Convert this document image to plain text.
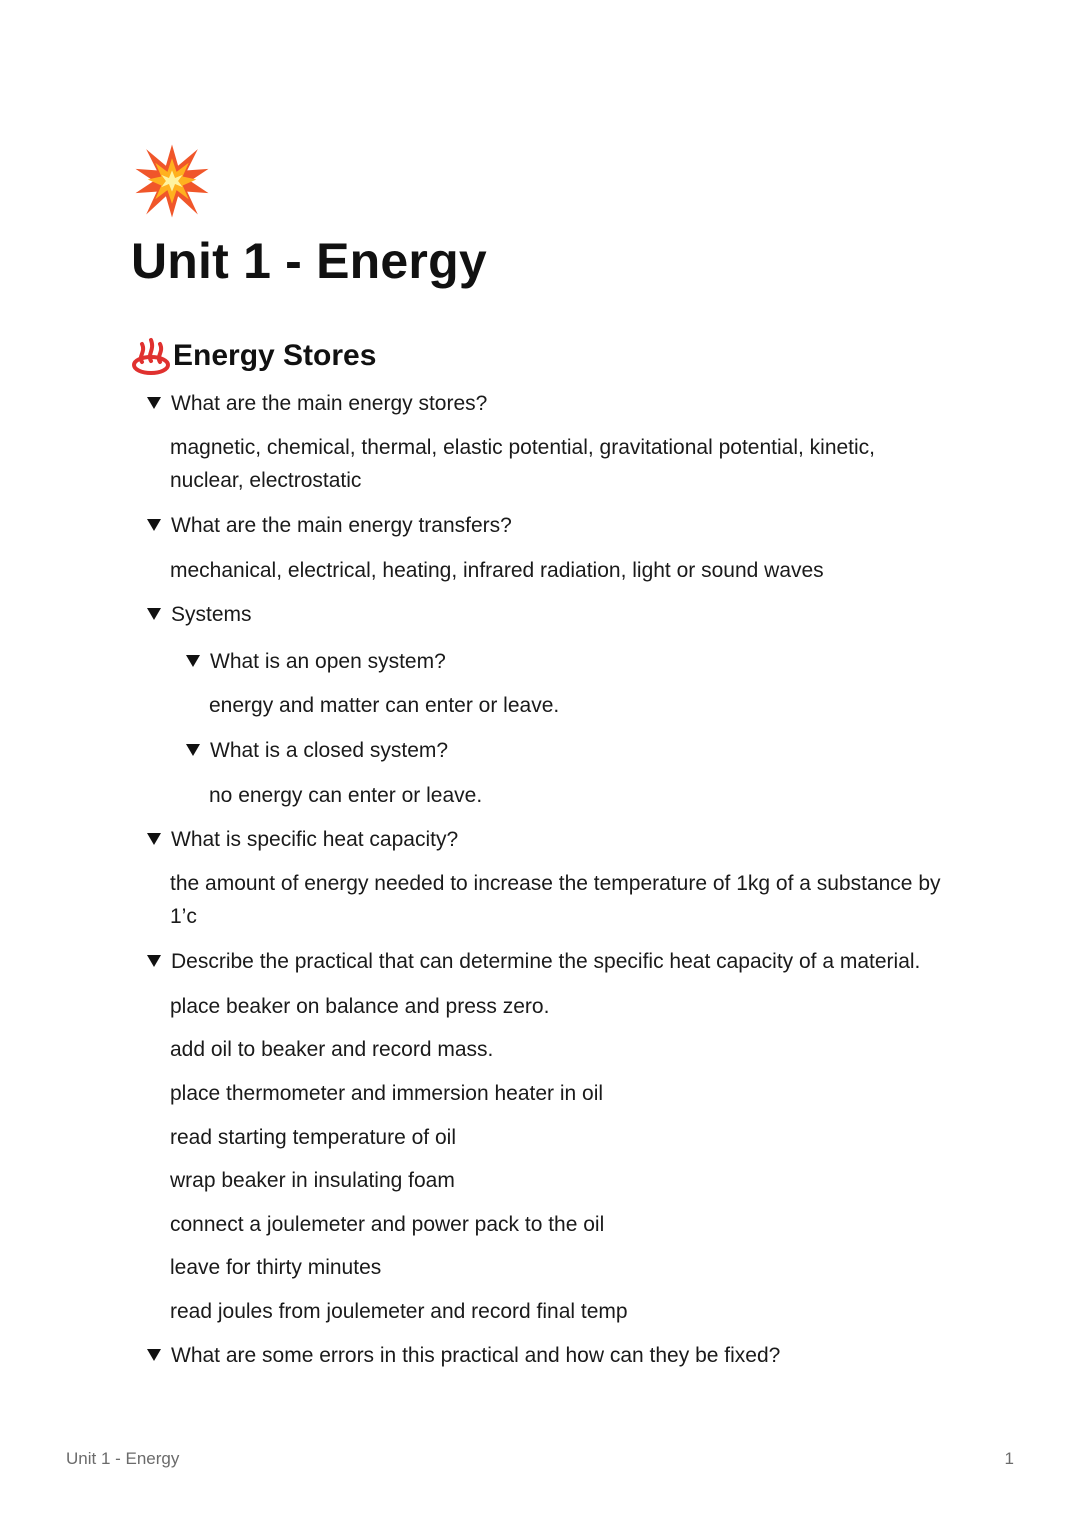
Unit 1 - Energy
Energy Stores
What are the main energy stores?
magnetic, chemical, thermal, elastic potential, gravitational potential, kinetic, nuclear, electrostatic
What are the main energy transfers?
mechanical, electrical, heating, infrared radiation, light or sound waves
Systems
What is an open system?
energy and matter can enter or leave.
What is a closed system?
no energy can enter or leave.
What is specific heat capacity?
the amount of energy needed to increase the temperature of 1kg of a substance by 1’c
Describe the practical that can determine the specific heat capacity of a material.
place beaker on balance and press zero.
add oil to beaker and record mass.
place thermometer and immersion heater in oil
read starting temperature of oil
wrap beaker in insulating foam
connect a joulemeter and power pack to the oil
leave for thirty minutes
read joules from joulemeter and record final temp
What are some errors in this practical and how can they be fixed?
Unit 1 - Energy	1
